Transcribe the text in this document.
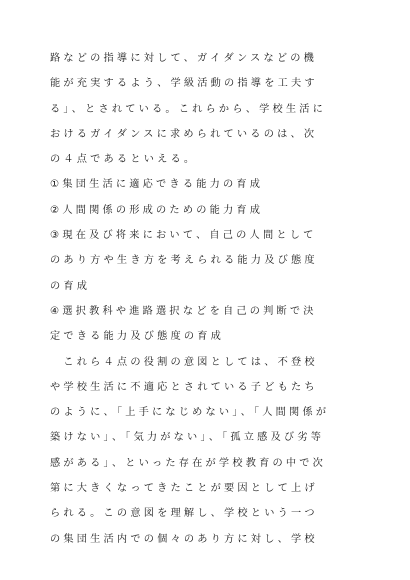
路などの指導に対して、ガイダンスなどの機
能が充実するよう、学級活動の指導を工夫す
る」、とされている。これらから、学校生活に
おけるガイダンスに求められているのは、次
の４点であるといえる。
①集団生活に適応できる能力の育成
②人間関係の形成のための能力育成
③現在及び将来において、自己の人間として
のあり方や生き方を考えられる能力及び態度
の育成
④選択教科や進路選択などを自己の判断で決
定できる能力及び態度の育成
　これら４点の役割の意図としては、不登校
や学校生活に不適応とされている子どもたち
のように、「上手になじめない」、「人間関係が
築けない」、「気力がない」、「孤立感及び劣等
感がある」、といった存在が学校教育の中で次
第に大きくなってきたことが要因として上げ
られる。この意図を理解し、学校という一つ
の集団生活内での個々のあり方に対し、学校
